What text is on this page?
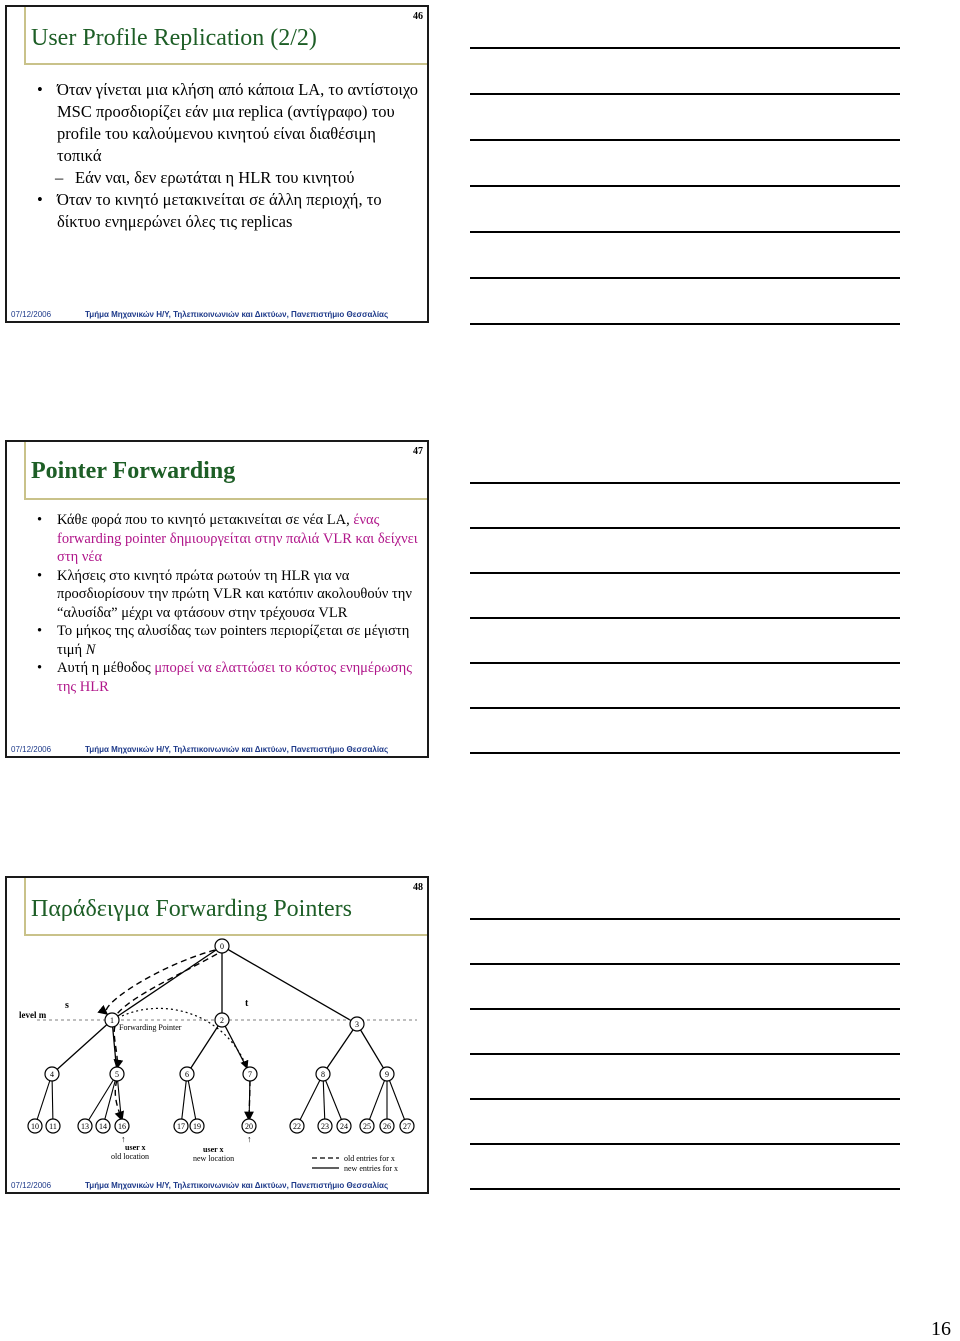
46
User Profile Replication (2/2)
• Όταν γίνεται μια κλήση από κάποια LA, το αντίστοιχο MSC προσδιορίζει εάν μια replica (αντίγραφο) του profile του καλούμενου κινητού είναι διαθέσιμη τοπικά
– Εάν ναι, δεν ερωτάται η HLR του κινητού
• Όταν το κινητό μετακινείται σε άλλη περιοχή, το δίκτυο ενημερώνει όλες τις replicas
07/12/2006	Τμήμα Μηχανικών Η/Υ, Τηλεπικοινωνιών και Δικτύων, Πανεπιστήμιο Θεσσαλίας
47
Pointer Forwarding
• Κάθε φορά που το κινητό μετακινείται σε νέα LA, ένας forwarding pointer δημιουργείται στην παλιά VLR και δείχνει στη νέα
• Κλήσεις στο κινητό πρώτα ρωτούν τη HLR για να προσδιορίσουν την πρώτη VLR και κατόπιν ακολουθούν την “αλυσίδα” μέχρι να φτάσουν στην τρέχουσα VLR
• Το μήκος της αλυσίδας των pointers περιορίζεται σε μέγιστη τιμή N
• Αυτή η μέθοδος μπορεί να ελαττώσει το κόστος ενημέρωσης της HLR
07/12/2006	Τμήμα Μηχανικών Η/Υ, Τηλεπικοινωνιών και Δικτύων, Πανεπιστήμιο Θεσσαλίας
48
Παράδειγμα Forwarding Pointers
0
1	2	3
4	5	6	7	8	9
10 11	13 14 16	17 19	20	22	23 24 25 26 27
level m
s	t
Forwarding Pointer
user x
old location
user x
new location	old entries for x
new entries for x
↑	↑
07/12/2006	Τμήμα Μηχανικών Η/Υ, Τηλεπικοινωνιών και Δικτύων, Πανεπιστήμιο Θεσσαλίας
16
